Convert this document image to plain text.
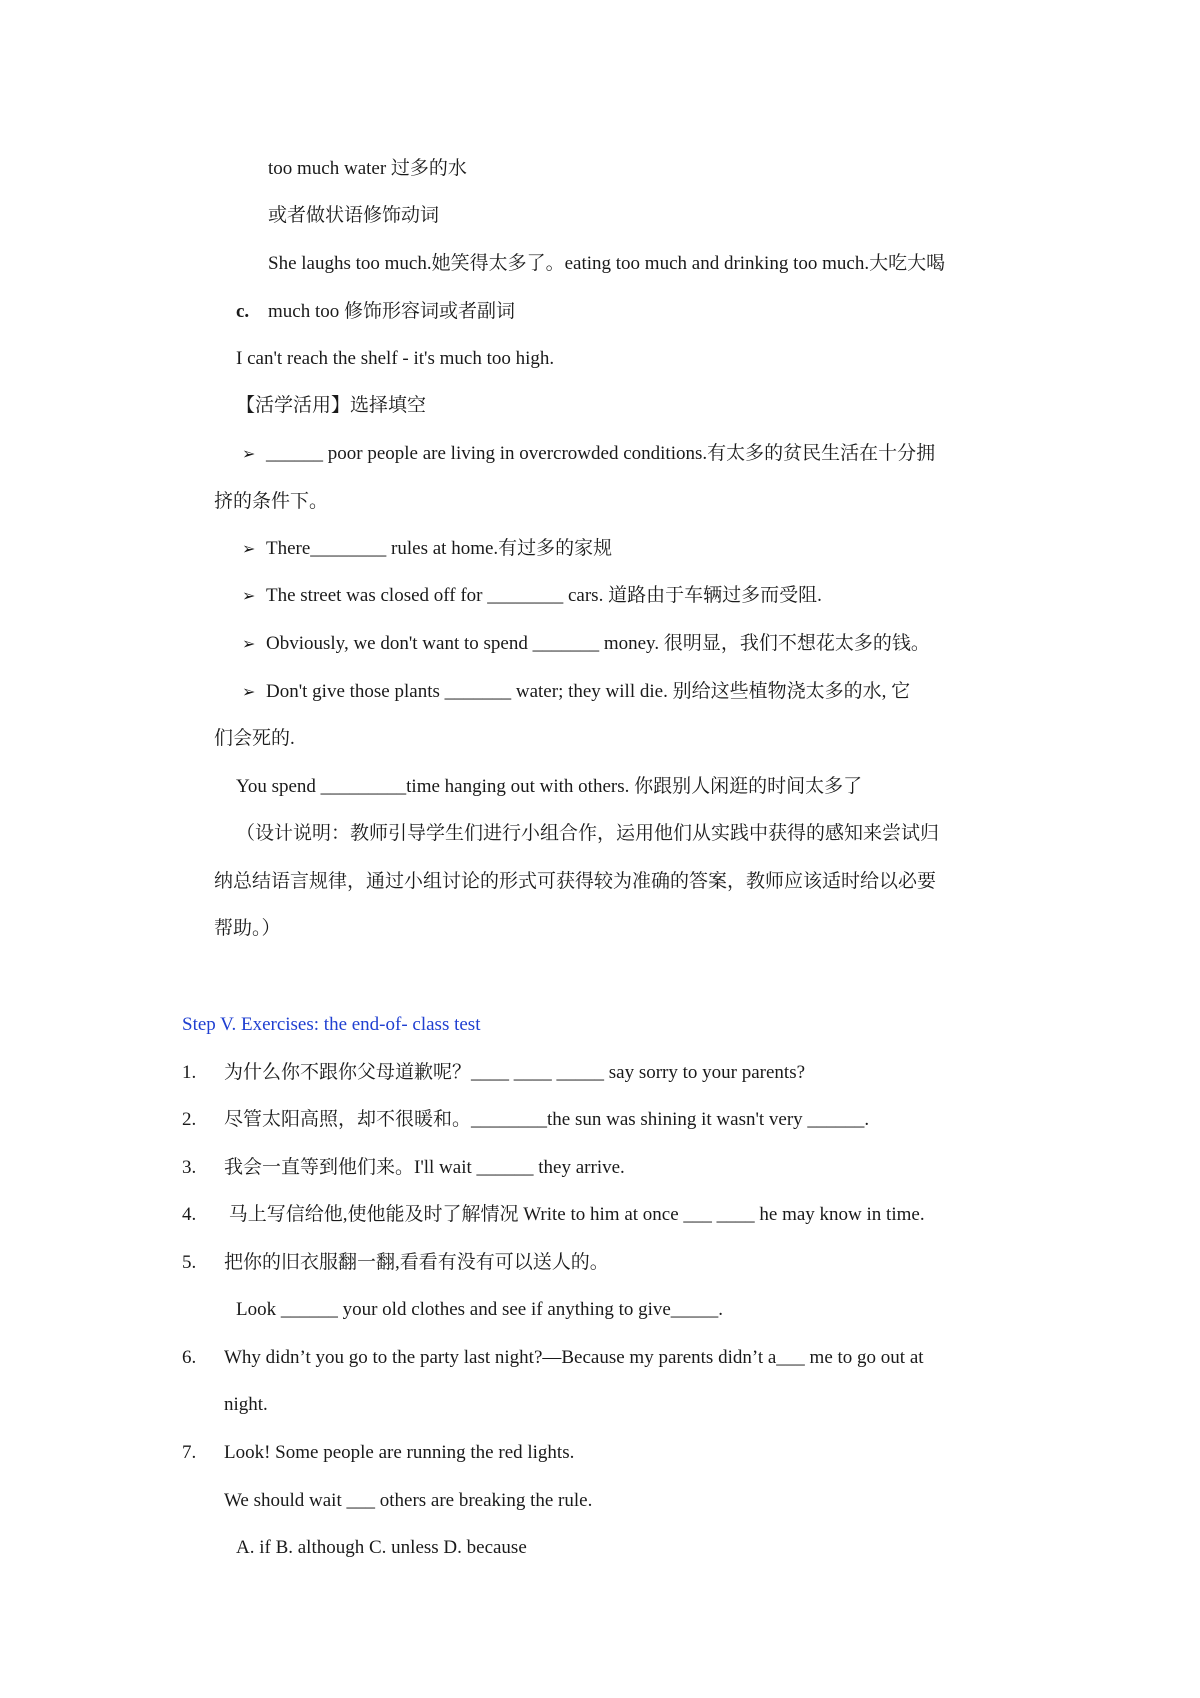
too much water 过多的水
或者做状语修饰动词
She laughs too much.她笑得太多了。eating too much and drinking too much.大吃大喝
c. much too 修饰形容词或者副词
I can't reach the shelf - it's much too high.
【活学活用】选择填空
➢ ______ poor people are living in overcrowded conditions.有太多的贫民生活在十分拥
挤的条件下。
➢ There________ rules at home.有过多的家规
➢ The street was closed off for ________ cars. 道路由于车辆过多而受阻.
➢ Obviously, we don't want to spend _______ money. 很明显，我们不想花太多的钱。
➢ Don't give those plants _______ water; they will die. 别给这些植物浇太多的水, 它
们会死的.
You spend _________time hanging out with others. 你跟别人闲逛的时间太多了
（设计说明：教师引导学生们进行小组合作，运用他们从实践中获得的感知来尝试归
纳总结语言规律，通过小组讨论的形式可获得较为准确的答案，教师应该适时给以必要
帮助。）
Step V. Exercises: the end-of- class test
1. 为什么你不跟你父母道歉呢？____ ____ _____ say sorry to your parents?
2. 尽管太阳高照，却不很暖和。________the sun was shining it wasn't very ______.
3. 我会一直等到他们来。I'll wait ______ they arrive.
4. 马上写信给他,使他能及时了解情况 Write to him at once ___ ____ he may know in time.
5. 把你的旧衣服翻一翻,看看有没有可以送人的。
Look ______ your old clothes and see if anything to give_____.
6. Why didn’t you go to the party last night?—Because my parents didn’t a___ me to go out at
night.
7. Look! Some people are running the red lights.
We should wait ___ others are breaking the rule.
A. if B. although C. unless D. because
